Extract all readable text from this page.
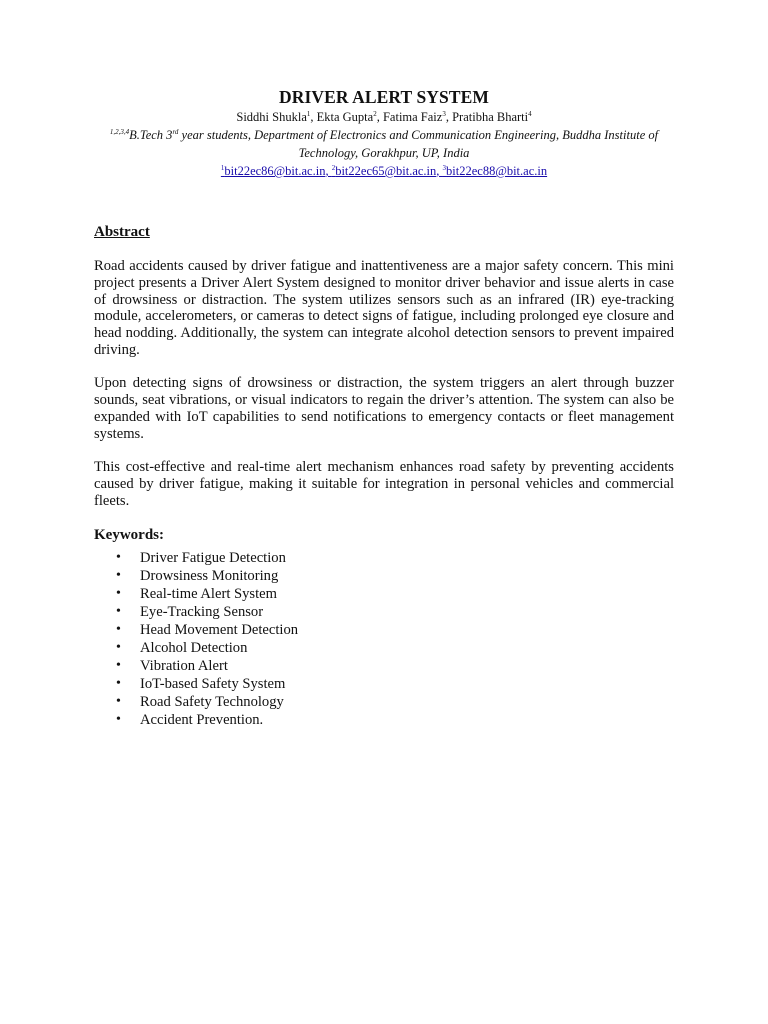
DRIVER ALERT SYSTEM
Siddhi Shukla$^1$, Ekta Gupta$^2$, Fatima Faiz$^3$, Pratibha Bharti$^4$
$^{1,2,3,4}$B.Tech 3rd year students, Department of Electronics and Communication Engineering, Buddha Institute of Technology, Gorakhpur, UP, India
$^1$bit22ec86@bit.ac.in, $^2$bit22ec65@bit.ac.in, $^3$bit22ec88@bit.ac.in
Abstract

Road accidents caused by driver fatigue and inattentiveness are a major safety concern. This mini project presents a Driver Alert System designed to monitor driver behavior and issue alerts in case of drowsiness or distraction. The system utilizes sensors such as an infrared (IR) eye-tracking module, accelerometers, or cameras to detect signs of fatigue, including prolonged eye closure and head nodding. Additionally, the system can integrate alcohol detection sensors to prevent impaired driving.

Upon detecting signs of drowsiness or distraction, the system triggers an alert through buzzer sounds, seat vibrations, or visual indicators to regain the driver’s attention. The system can also be expanded with IoT capabilities to send notifications to emergency contacts or fleet management systems.

This cost-effective and real-time alert mechanism enhances road safety by preventing accidents caused by driver fatigue, making it suitable for integration in personal vehicles and commercial fleets.

Keywords:
• Driver Fatigue Detection
• Drowsiness Monitoring
• Real-time Alert System
• Eye-Tracking Sensor
• Head Movement Detection
• Alcohol Detection
• Vibration Alert
• IoT-based Safety System
• Road Safety Technology
• Accident Prevention.
